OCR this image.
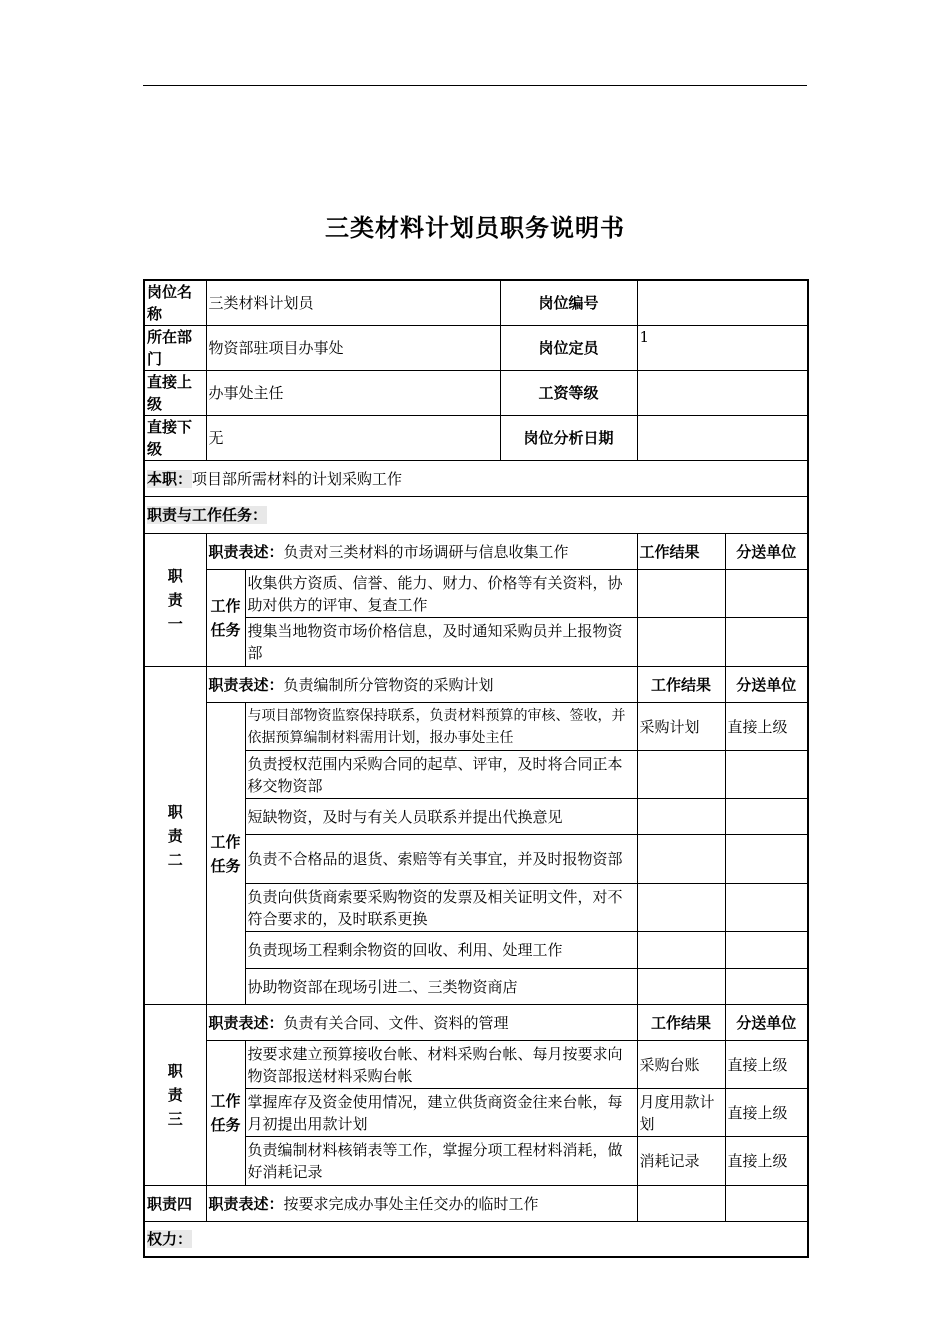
三类材料计划员职务说明书
岗位名称	三类材料计划员		岗位编号		
所在部门	物资部驻项目办事处		岗位定员	1	
直接上级	办事处主任		工资等级		
直接下级	无		岗位分析日期		
本职：项目部所需材料的计划采购工作					
职责与工作任务：					
职责一	职责表述：负责对三类材料的市场调研与信息收集工作			工作结果	分送单位
	工作任务	收集供方资质、信誉、能力、财力、价格等有关资料，协助对供方的评审、复查工作			
		搜集当地物资市场价格信息，及时通知采购员并上报物资部			
职责二	职责表述：负责编制所分管物资的采购计划			工作结果	分送单位
	工作任务	与项目部物资监察保持联系，负责材料预算的审核、签收，并依据预算编制材料需用计划，报办事处主任		采购计划	直接上级
		负责授权范围内采购合同的起草、评审，及时将合同正本移交物资部			
		短缺物资，及时与有关人员联系并提出代换意见			
		负责不合格品的退货、索赔等有关事宜，并及时报物资部			
		负责向供货商索要采购物资的发票及相关证明文件，对不符合要求的，及时联系更换			
		负责现场工程剩余物资的回收、利用、处理工作			
		协助物资部在现场引进二、三类物资商店			
职责三	职责表述：负责有关合同、文件、资料的管理			工作结果	分送单位
	工作任务	按要求建立预算接收台帐、材料采购台帐、每月按要求向物资部报送材料采购台帐		采购台账	直接上级
		掌握库存及资金使用情况，建立供货商资金往来台帐，每月初提出用款计划		月度用款计划	直接上级
		负责编制材料核销表等工作，掌握分项工程材料消耗，做好消耗记录		消耗记录	直接上级
职责四	职责表述：按要求完成办事处主任交办的临时工作				
权力：					
